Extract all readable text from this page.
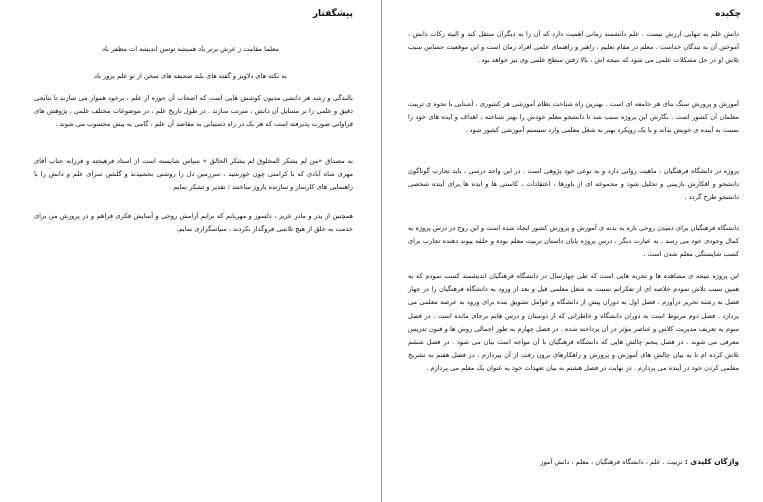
چکیده
دانش علم به تنهایی ارزش نیست . علم دانشمند زمانی اهمیت دارد که آن را به دیگران منتقل کند و البته زکات دانش ، آموختن آن به بندگان خداست . معلم در مقام تعلیم ، راهبر و راهنمای علمی افراد زمان است و این موقعیت حساس سبب تلاش او در حل مشکلات علمی می شود که نتیجه اش ، بالا رفتن سطح علمی وی نیز خواهد بود .
آموزش و پرورش سنگ بنای هر جامعه ای است . بهترین راه شناخت نظام آموزشی هر کشوری ، آشنایی با نحوه ی تربیت معلمان آن کشور است . نگارش این پروژه سبب شد تا دانشجو معلم خودش را بهتر شناخته ، اهداف و ایده های خود را نسبت به آینده ی خویش بداند و با یک رویکرد بهتر به شغل معلمی وارد سیستم آموزشی کشور شود .
پروژه در دانشگاه فرهنگیان ، ماهیت روایی دارد و به نوعی خود پژوهی است . در این واحد درسی ، باید تجارب گوناگون دانشجو و افکارش بازبینی و تحلیل شود و مجموعه ای از باورها ، اعتقادات ، کاستی ها و ایده ها برای آینده شخصی دانشجو طرح گردد .
دانشگاه فرهنگیان برای دمیدن روحی تازه به بدنه ی آموزش و پرورش کشور ایجاد شده است و این روح در درس پروژه به کمال وجودی خود می رسد . به عبارت دیگر ، درس پروژه پایان داستان تربیت معلم بوده و حلقه پیوند دهنده تجارب برای کسب شایستگی معلم شدن است .
این پروژه نتیجه ی مشاهده ها و تجربه هایی است که طی چهارسال در دانشگاه فرهنگیان اندیشمند کسب نمودم که به همین سبب تلاش نمودم خلاصه ای از تفکراتم نسبت به شغل معلمی قبل و بعد از ورود به دانشگاه فرهنگیان را در چهار فصل به رشته تحریر درآورم . فصل اول به دوران پیش از دانشگاه و عوامل تشویق بنده برای ورود به عرصه معلمی می پردازد . فصل دوم مربوط است به دوران دانشگاه و خاطراتی که از دوستان و درس هایم برجای مانده است . در فصل سوم به تعریف مدیریت کلاس و عناصر مؤثر در آن پرداخته شده . در فصل چهارم به طور اجمالی روش ها و فنون تدریس معرفی می شوند . در فصل پنجم چالش هایی که دانشگاه فرهنگیان با آن مواجه است بیان می شود . در فصل ششم تلاش کرده ام تا به بیان چالش های آموزش و پرورش و راهکارهای برون رفت از آن بپردازم . در فصل هفتم به تشریح معلمی کردن خود در آینده می پردازم . در نهایت در فصل هشتم به بیان تعهدات خود به عنوان یک معلم می پردازم .
واژگان کلیدی : تربیت ، علم ، دانشگاه فرهنگیان ، معلم ، دانش آموز
پیشگفتار
معلما مقامت ز عرش برتر باد همیشه توسن اندیشه ات مظفر باد
به نکته های دلاویز و گفته های بلند صحیفه های سخن از تو علم پرور باد
بالندگی و رشد هر دانشی مدیون کوشش هایی است که اصحاب آن حوزه از علم ، برخود هموار می سازند تا نتایجی دقیق و علمی را بر مسایل آن دانش ، مترتب سازند . در طول تاریخ علم ، در موضوعات مختلف علمی ، پژوهش های فراوانی صورت پذیرفته است که هر یک در راه دستیابی به مقاصد آن علم ، گامی به پیش محسوب می شوند .
به مصداق «من لم یشکر المخلوق لم یشکر الخالق » سپاس شایسته است از استاد فرهیخته و فرزانه جناب آقای مهری شاه آبادی که با کرامتی چون خورشید ، سرزمین دل را روشنی بخشیدند و گلشن سرای علم و دانش را با راهنمایی های کارساز و سازنده بارور ساختند ؛ تقدیر و تشکر نمایم .
همچنین از پدر و مادر عزیز ، دلسوز و مهربانم که برایم آرامش روحی و آسایش فکری فراهم و در پرورش من برای خدمت به خلق از هیچ تلاشی فروگذار نکردند ، سپاسگزاری نمایم.
